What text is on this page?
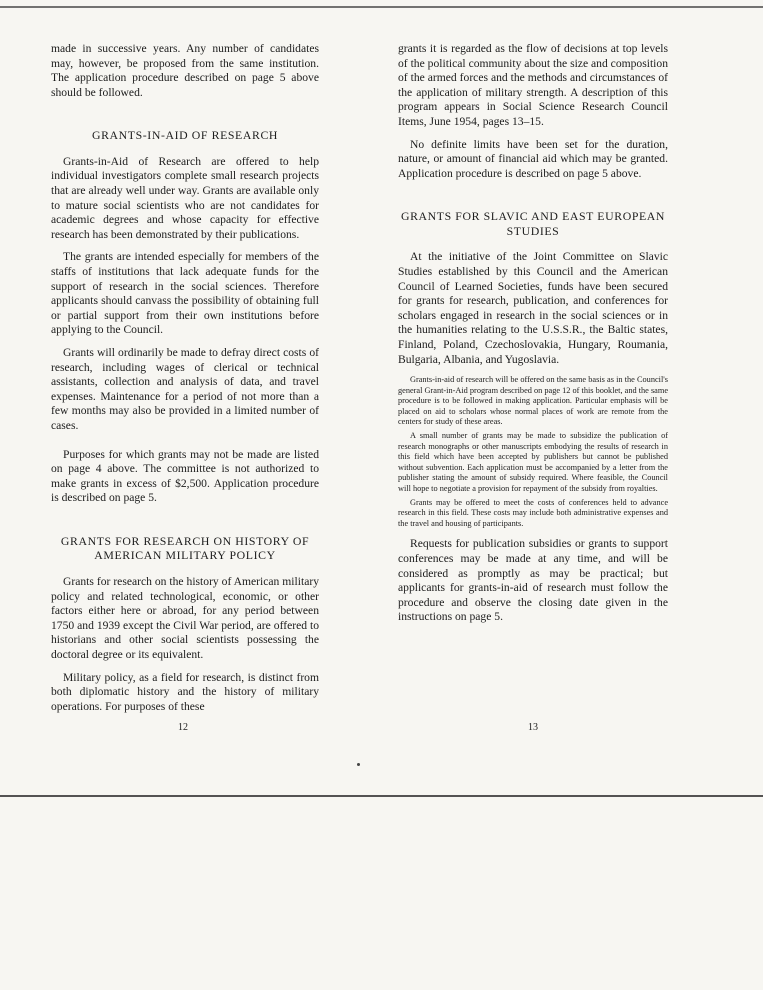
made in successive years. Any number of candidates may, however, be proposed from the same institution. The application procedure described on page 5 above should be followed.

GRANTS-IN-AID OF RESEARCH

Grants-in-Aid of Research are offered to help individual investigators complete small research projects that are already well under way. Grants are available only to mature social scientists who are not candidates for academic degrees and whose capacity for effective research has been demonstrated by their publications.

The grants are intended especially for members of the staffs of institutions that lack adequate funds for the support of research in the social sciences. Therefore applicants should canvass the possibility of obtaining full or partial support from their own institutions before applying to the Council.

Grants will ordinarily be made to defray direct costs of research, including wages of clerical or technical assistants, collection and analysis of data, and travel expenses. Maintenance for a period of not more than a few months may also be provided in a limited number of cases.

Purposes for which grants may not be made are listed on page 4 above. The committee is not authorized to make grants in excess of $2,500. Application procedure is described on page 5.

GRANTS FOR RESEARCH ON HISTORY OF AMERICAN MILITARY POLICY

Grants for research on the history of American military policy and related technological, economic, or other factors either here or abroad, for any period between 1750 and 1939 except the Civil War period, are offered to historians and other social scientists possessing the doctoral degree or its equivalent.

Military policy, as a field for research, is distinct from both diplomatic history and the history of military operations. For purposes of these

grants it is regarded as the flow of decisions at top levels of the political community about the size and composition of the armed forces and the methods and circumstances of the application of military strength. A description of this program appears in Social Science Research Council Items, June 1954, pages 13–15.

No definite limits have been set for the duration, nature, or amount of financial aid which may be granted. Application procedure is described on page 5 above.

GRANTS FOR SLAVIC AND EAST EUROPEAN STUDIES

At the initiative of the Joint Committee on Slavic Studies established by this Council and the American Council of Learned Societies, funds have been secured for grants for research, publication, and conferences for scholars engaged in research in the social sciences or in the humanities relating to the U.S.S.R., the Baltic states, Finland, Poland, Czechoslovakia, Hungary, Roumania, Bulgaria, Albania, and Yugoslavia.

Grants-in-aid of research will be offered on the same basis as in the Council's general Grant-in-Aid program described on page 12 of this booklet, and the same procedure is to be followed in making application. Particular emphasis will be placed on aid to scholars whose normal places of work are remote from the centers for study of these areas.

A small number of grants may be made to subsidize the publication of research monographs or other manuscripts embodying the results of research in this field which have been accepted by publishers but cannot be published without subvention. Each application must be accompanied by a letter from the publisher stating the amount of subsidy required. Where feasible, the Council will hope to negotiate a provision for repayment of the subsidy from royalties.

Grants may be offered to meet the costs of conferences held to advance research in this field. These costs may include both administrative expenses and the travel and housing of participants.

Requests for publication subsidies or grants to support conferences may be made at any time, and will be considered as promptly as may be practical; but applicants for grants-in-aid of research must follow the procedure and observe the closing date given in the instructions on page 5.

12	13
